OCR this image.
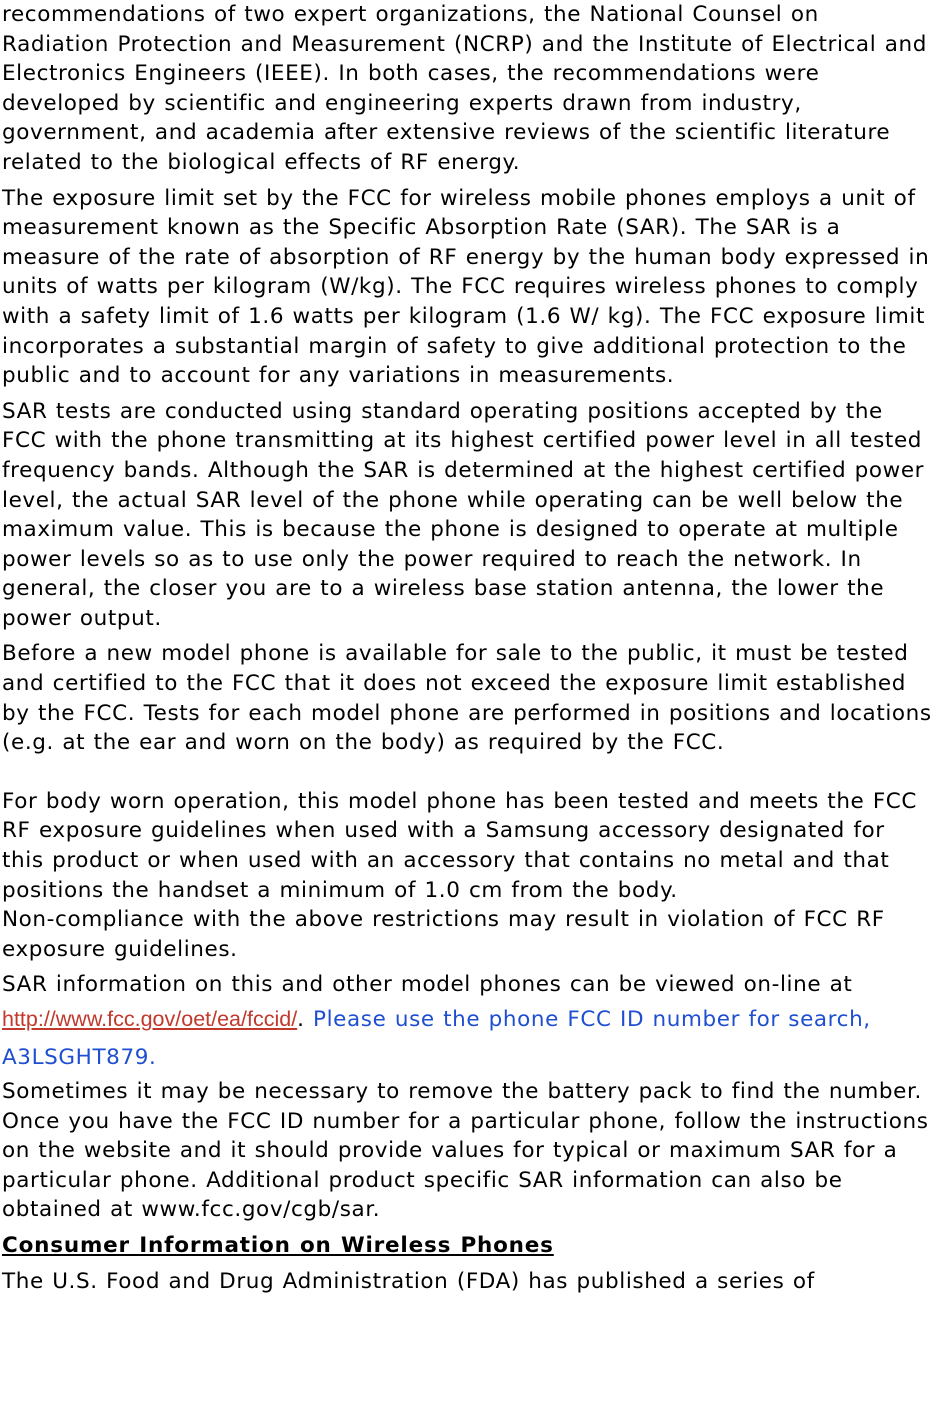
recommendations of two expert organizations, the National Counsel on Radiation Protection and Measurement (NCRP) and the Institute of Electrical and Electronics Engineers (IEEE). In both cases, the recommendations were developed by scientific and engineering experts drawn from industry, government, and academia after extensive reviews of the scientific literature related to the biological effects of RF energy.

The exposure limit set by the FCC for wireless mobile phones employs a unit of measurement known as the Specific Absorption Rate (SAR). The SAR is a measure of the rate of absorption of RF energy by the human body expressed in units of watts per kilogram (W/kg). The FCC requires wireless phones to comply with a safety limit of 1.6 watts per kilogram (1.6 W/ kg). The FCC exposure limit incorporates a substantial margin of safety to give additional protection to the public and to account for any variations in measurements.

SAR tests are conducted using standard operating positions accepted by the FCC with the phone transmitting at its highest certified power level in all tested frequency bands. Although the SAR is determined at the highest certified power level, the actual SAR level of the phone while operating can be well below the maximum value. This is because the phone is designed to operate at multiple power levels so as to use only the power required to reach the network. In general, the closer you are to a wireless base station antenna, the lower the power output.

Before a new model phone is available for sale to the public, it must be tested and certified to the FCC that it does not exceed the exposure limit established by the FCC. Tests for each model phone are performed in positions and locations (e.g. at the ear and worn on the body) as required by the FCC.

For body worn operation, this model phone has been tested and meets the FCC RF exposure guidelines when used with a Samsung accessory designated for this product or when used with an accessory that contains no metal and that positions the handset a minimum of 1.0 cm from the body.

Non-compliance with the above restrictions may result in violation of FCC RF exposure guidelines.

SAR information on this and other model phones can be viewed on-line at

http://www.fcc.gov/oet/ea/fccid/. Please use the phone FCC ID number for search, A3LSGHT879.

Sometimes it may be necessary to remove the battery pack to find the number. Once you have the FCC ID number for a particular phone, follow the instructions on the website and it should provide values for typical or maximum SAR for a particular phone. Additional product specific SAR information can also be obtained at www.fcc.gov/cgb/sar.

Consumer Information on Wireless Phones

The U.S. Food and Drug Administration (FDA) has published a series of
